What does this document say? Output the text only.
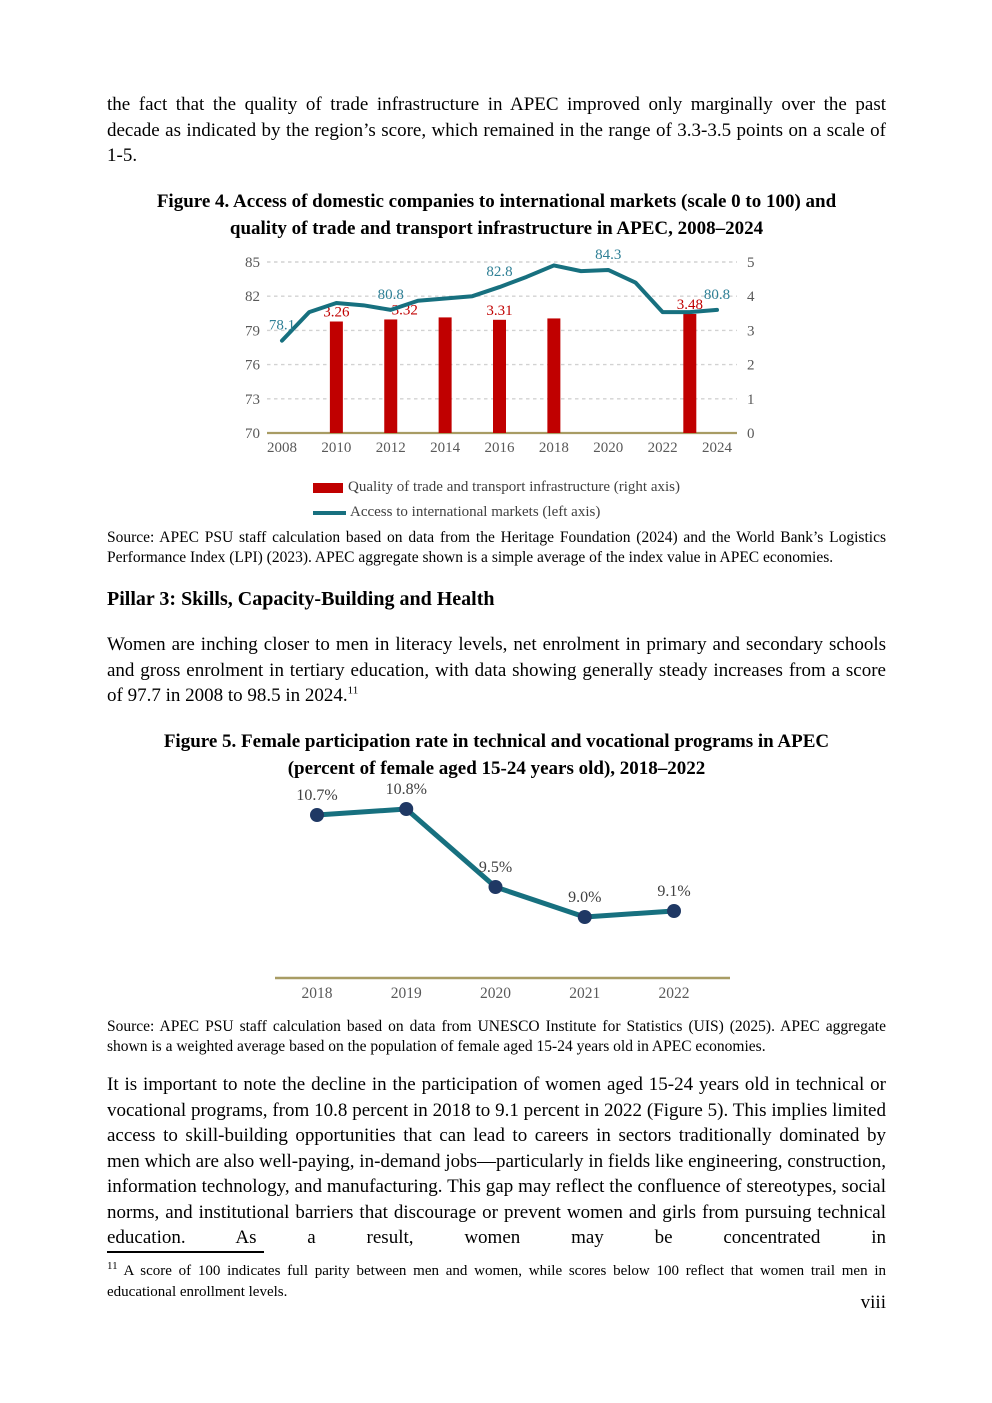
the fact that the quality of trade infrastructure in APEC improved only marginally over the past decade as indicated by the region’s score, which remained in the range of 3.3-3.5 points on a scale of 1-5.

Figure 4. Access of domestic companies to international markets (scale 0 to 100) and
quality of trade and transport infrastructure in APEC, 2008–2024
70
73
76
79
82
85
0
1
2
3
4
5
2008 2010 2012 2014 2016 2018 2020 2022 2024
3.26	3.32	3.31	3.48
78.1
80.8
82.8
84.3
80.8
Quality of trade and transport infrastructure (right axis)
Access to international markets (left axis)

Source: APEC PSU staff calculation based on data from the Heritage Foundation (2024) and the World Bank’s Logistics Performance Index (LPI) (2023). APEC aggregate shown is a simple average of the index value in APEC economies.

Pillar 3: Skills, Capacity-Building and Health

Women are inching closer to men in literacy levels, net enrolment in primary and secondary schools and gross enrolment in tertiary education, with data showing generally steady increases from a score of 97.7 in 2008 to 98.5 in 2024.11

Figure 5. Female participation rate in technical and vocational programs in APEC
(percent of female aged 15-24 years old), 2018–2022
2018	2019	2020	2021	2022
10.7%	10.8%
9.5%
9.0%	9.1%

Source: APEC PSU staff calculation based on data from UNESCO Institute for Statistics (UIS) (2025). APEC aggregate shown is a weighted average based on the population of female aged 15-24 years old in APEC economies.

It is important to note the decline in the participation of women aged 15-24 years old in technical or vocational programs, from 10.8 percent in 2018 to 9.1 percent in 2022 (Figure 5). This implies limited access to skill-building opportunities that can lead to careers in sectors traditionally dominated by men which are also well-paying, in-demand jobs—particularly in fields like engineering, construction, information technology, and manufacturing. This gap may reflect the confluence of stereotypes, social norms, and institutional barriers that discourage or prevent women and girls from pursuing technical education. As a result, women may be concentrated in

$^{11}$ A score of 100 indicates full parity between men and women, while scores below 100 reflect that women trail men in educational enrollment levels.	viii
